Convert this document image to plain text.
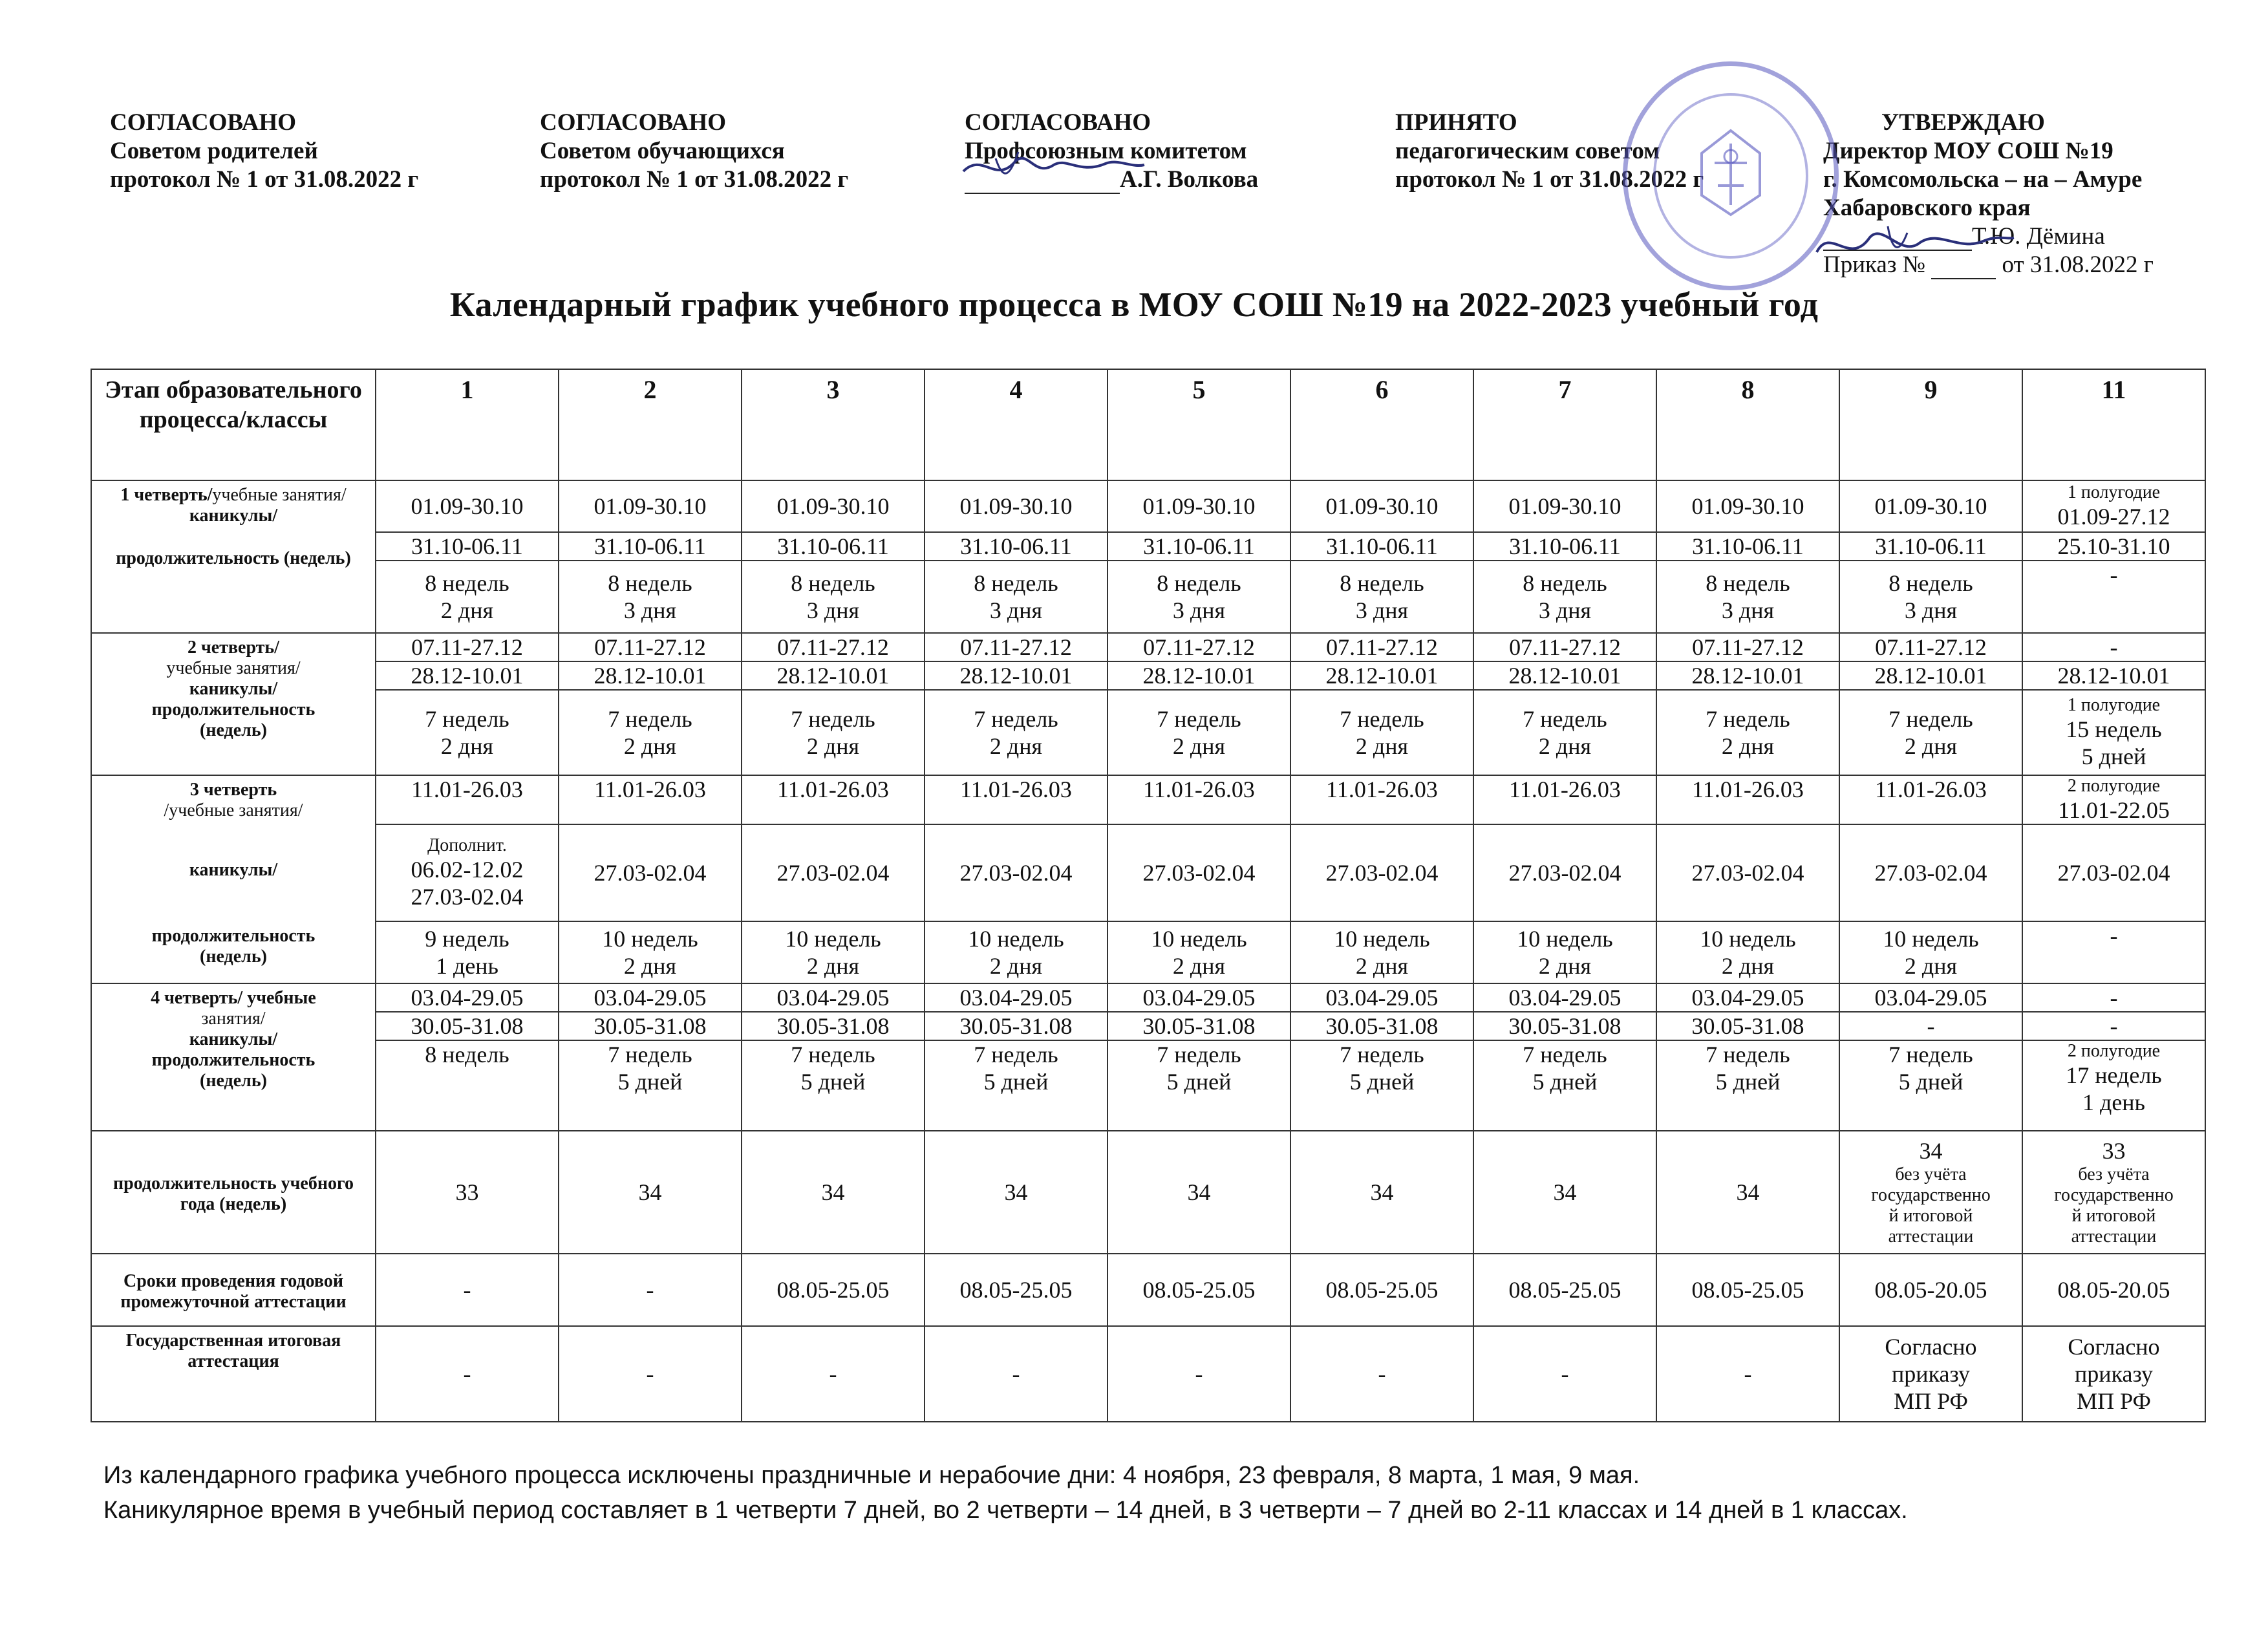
СОГЛАСОВАНО
Советом родителей
протокол № 1 от 31.08.2022 г
СОГЛАСОВАНО
Советом обучающихся
протокол № 1 от 31.08.2022 г
СОГЛАСОВАНО
Профсоюзным комитетом
А.Г. Волкова
ПРИНЯТО
педагогическим советом
протокол № 1 от 31.08.2022 г
УТВЕРЖДАЮ
Директор МОУ СОШ №19
г. Комсомольска – на – Амуре
Хабаровского края
Т.Ю. Дёмина
Приказ №	от 31.08.2022 г
Календарный график учебного процесса в МОУ СОШ №19 на 2022-2023 учебный год
Этап образовательного процесса/классы	1	2	3	4	5	6	7	8	9	11

1 четверть/учебные занятия/
каникулы/
продолжительность (недель)	01.09-30.10	01.09-30.10	01.09-30.10	01.09-30.10	01.09-30.10	01.09-30.10	01.09-30.10	01.09-30.10	01.09-30.10	1 полугодие
01.09-27.12
	31.10-06.11	31.10-06.11	31.10-06.11	31.10-06.11	31.10-06.11	31.10-06.11	31.10-06.11	31.10-06.11	31.10-06.11	25.10-31.10

	8 недель
2 дня	8 недель
3 дня	8 недель
3 дня	8 недель
3 дня	8 недель
3 дня	8 недель
3 дня	8 недель
3 дня	8 недель
3 дня	8 недель
3 дня	-

2 четверть/
учебные занятия/
каникулы/
продолжительность
(недель)	07.11-27.12	07.11-27.12	07.11-27.12	07.11-27.12	07.11-27.12	07.11-27.12	07.11-27.12	07.11-27.12	07.11-27.12	-
	28.12-10.01	28.12-10.01	28.12-10.01	28.12-10.01	28.12-10.01	28.12-10.01	28.12-10.01	28.12-10.01	28.12-10.01	28.12-10.01

	7 недель
2 дня	7 недель
2 дня	7 недель
2 дня	7 недель
2 дня	7 недель
2 дня	7 недель
2 дня	7 недель
2 дня	7 недель
2 дня	7 недель
2 дня	1 полугодие
15 недель
5 дней

3 четверть
/учебные занятия/
каникулы/
продолжительность
(недель)	11.01-26.03	11.01-26.03	11.01-26.03	11.01-26.03	11.01-26.03	11.01-26.03	11.01-26.03	11.01-26.03	11.01-26.03	2 полугодие
11.01-22.05

	Дополнит.
06.02-12.02
27.03-02.04	27.03-02.04	27.03-02.04	27.03-02.04	27.03-02.04	27.03-02.04	27.03-02.04	27.03-02.04	27.03-02.04	27.03-02.04

	9 недель
1 день	10 недель
2 дня	10 недель
2 дня	10 недель
2 дня	10 недель
2 дня	10 недель
2 дня	10 недель
2 дня	10 недель
2 дня	10 недель
2 дня	-

4 четверть/ учебные
занятия/
каникулы/
продолжительность
(недель)	03.04-29.05	03.04-29.05	03.04-29.05	03.04-29.05	03.04-29.05	03.04-29.05	03.04-29.05	03.04-29.05	03.04-29.05	-
	30.05-31.08	30.05-31.08	30.05-31.08	30.05-31.08	30.05-31.08	30.05-31.08	30.05-31.08	30.05-31.08	-	-
	8 недель	7 недель
5 дней	7 недель
5 дней	7 недель
5 дней	7 недель
5 дней	7 недель
5 дней	7 недель
5 дней	7 недель
5 дней	7 недель
5 дней	2 полугодие
17 недель
1 день

продолжительность учебного года (недель)	33	34	34	34	34	34	34	34	34
без учёта
государственно
й итоговой
аттестации	33
без учёта
государственно
й итоговой
аттестации

Сроки проведения годовой промежуточной аттестации	-	-	08.05-25.05	08.05-25.05	08.05-25.05	08.05-25.05	08.05-25.05	08.05-25.05	08.05-20.05	08.05-20.05
Государственная итоговая аттестация	-	-	-	-	-	-	-	-	Согласно
приказу
МП РФ	Согласно
приказу
МП РФ
Из календарного графика учебного процесса исключены праздничные и нерабочие дни: 4 ноября, 23 февраля, 8 марта, 1 мая, 9 мая.
Каникулярное время в учебный период составляет в 1 четверти 7 дней, во 2 четверти – 14 дней, в 3 четверти – 7 дней во 2-11 классах и 14 дней в 1 классах.
